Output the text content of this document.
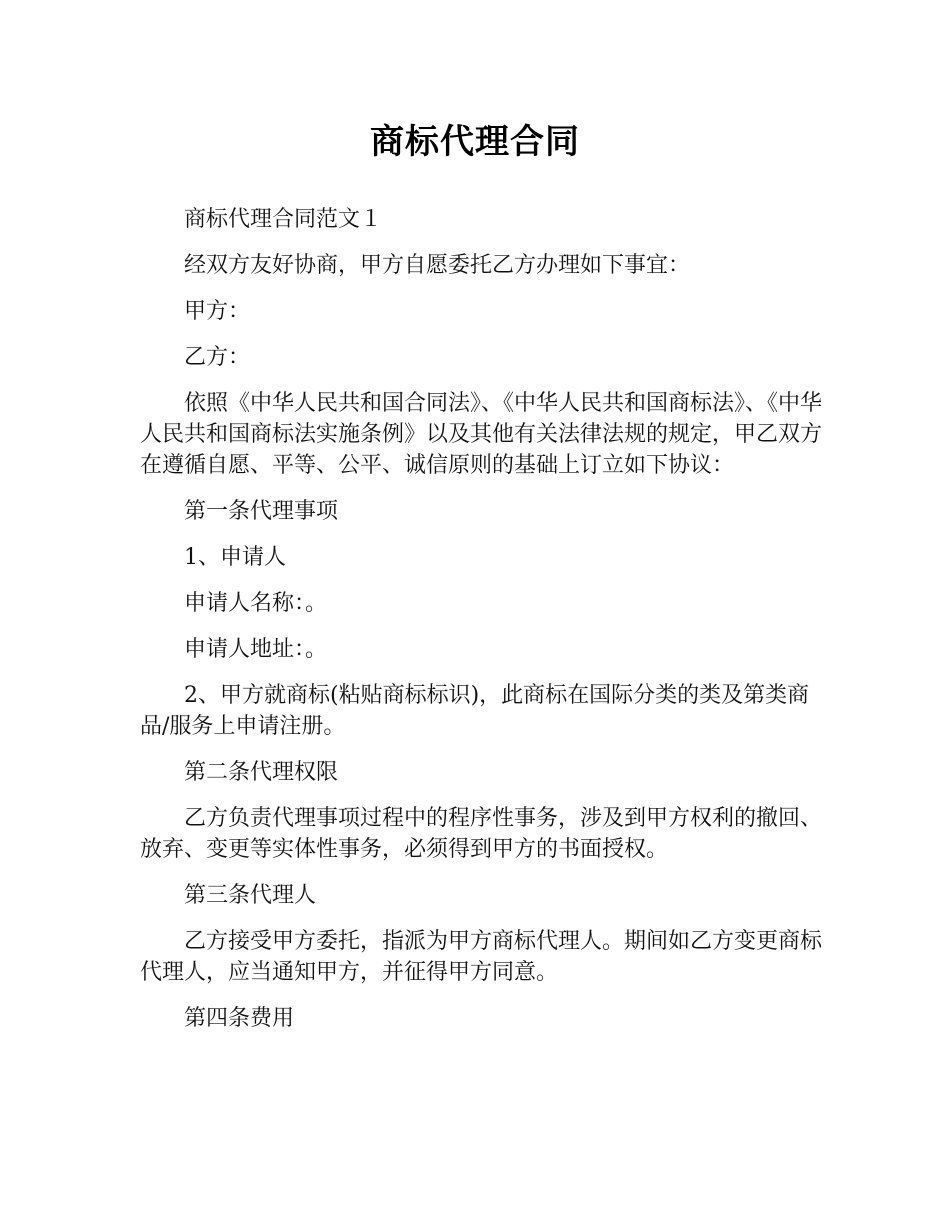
商标代理合同

商标代理合同范文１

经双方友好协商，甲方自愿委托乙方办理如下事宜：

甲方：

乙方：

依照《中华人民共和国合同法》、《中华人民共和国商标法》、《中华人民共和国商标法实施条例》以及其他有关法律法规的规定，甲乙双方在遵循自愿、平等、公平、诚信原则的基础上订立如下协议：

第一条代理事项

1、申请人

申请人名称：。

申请人地址：。

2、甲方就商标(粘贴商标标识)，此商标在国际分类的类及第类商品/服务上申请注册。

第二条代理权限

乙方负责代理事项过程中的程序性事务，涉及到甲方权利的撤回、放弃、变更等实体性事务，必须得到甲方的书面授权。

第三条代理人

乙方接受甲方委托，指派为甲方商标代理人。期间如乙方变更商标代理人，应当通知甲方，并征得甲方同意。

第四条费用
